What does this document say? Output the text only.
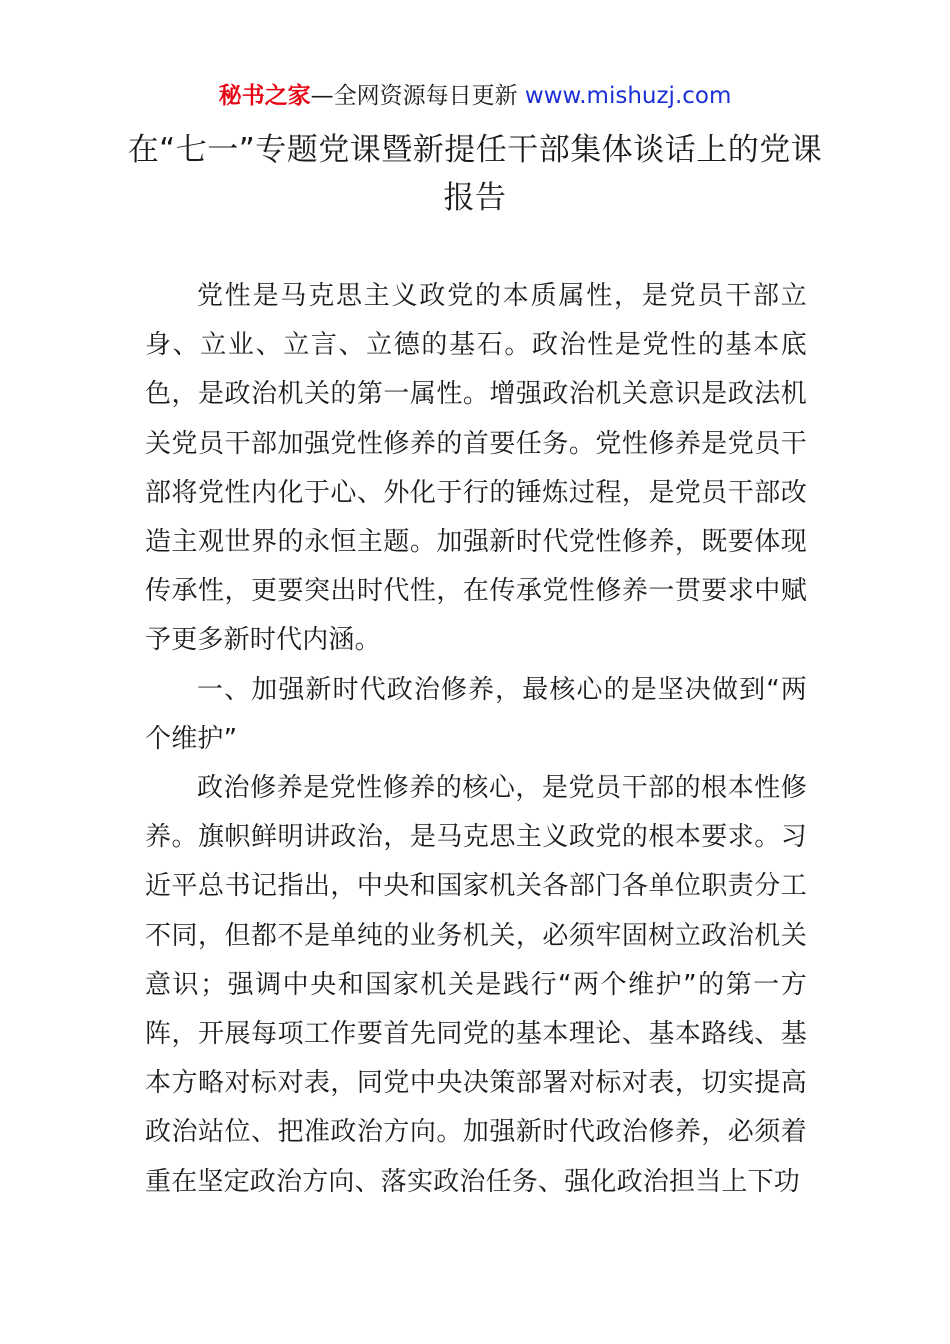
秘书之家—全网资源每日更新 www.mishuzj.com
在“七一”专题党课暨新提任干部集体谈话上的党课报告

党性是马克思主义政党的本质属性，是党员干部立身、立业、立言、立德的基石。政治性是党性的基本底色，是政治机关的第一属性。增强政治机关意识是政法机关党员干部加强党性修养的首要任务。党性修养是党员干部将党性内化于心、外化于行的锤炼过程，是党员干部改造主观世界的永恒主题。加强新时代党性修养，既要体现传承性，更要突出时代性，在传承党性修养一贯要求中赋予更多新时代内涵。

一、加强新时代政治修养，最核心的是坚决做到“两个维护”

政治修养是党性修养的核心，是党员干部的根本性修养。旗帜鲜明讲政治，是马克思主义政党的根本要求。习近平总书记指出，中央和国家机关各部门各单位职责分工不同，但都不是单纯的业务机关，必须牢固树立政治机关意识；强调中央和国家机关是践行“两个维护”的第一方阵，开展每项工作要首先同党的基本理论、基本路线、基本方略对标对表，同党中央决策部署对标对表，切实提高政治站位、把准政治方向。加强新时代政治修养，必须着重在坚定政治方向、落实政治任务、强化政治担当上下功
